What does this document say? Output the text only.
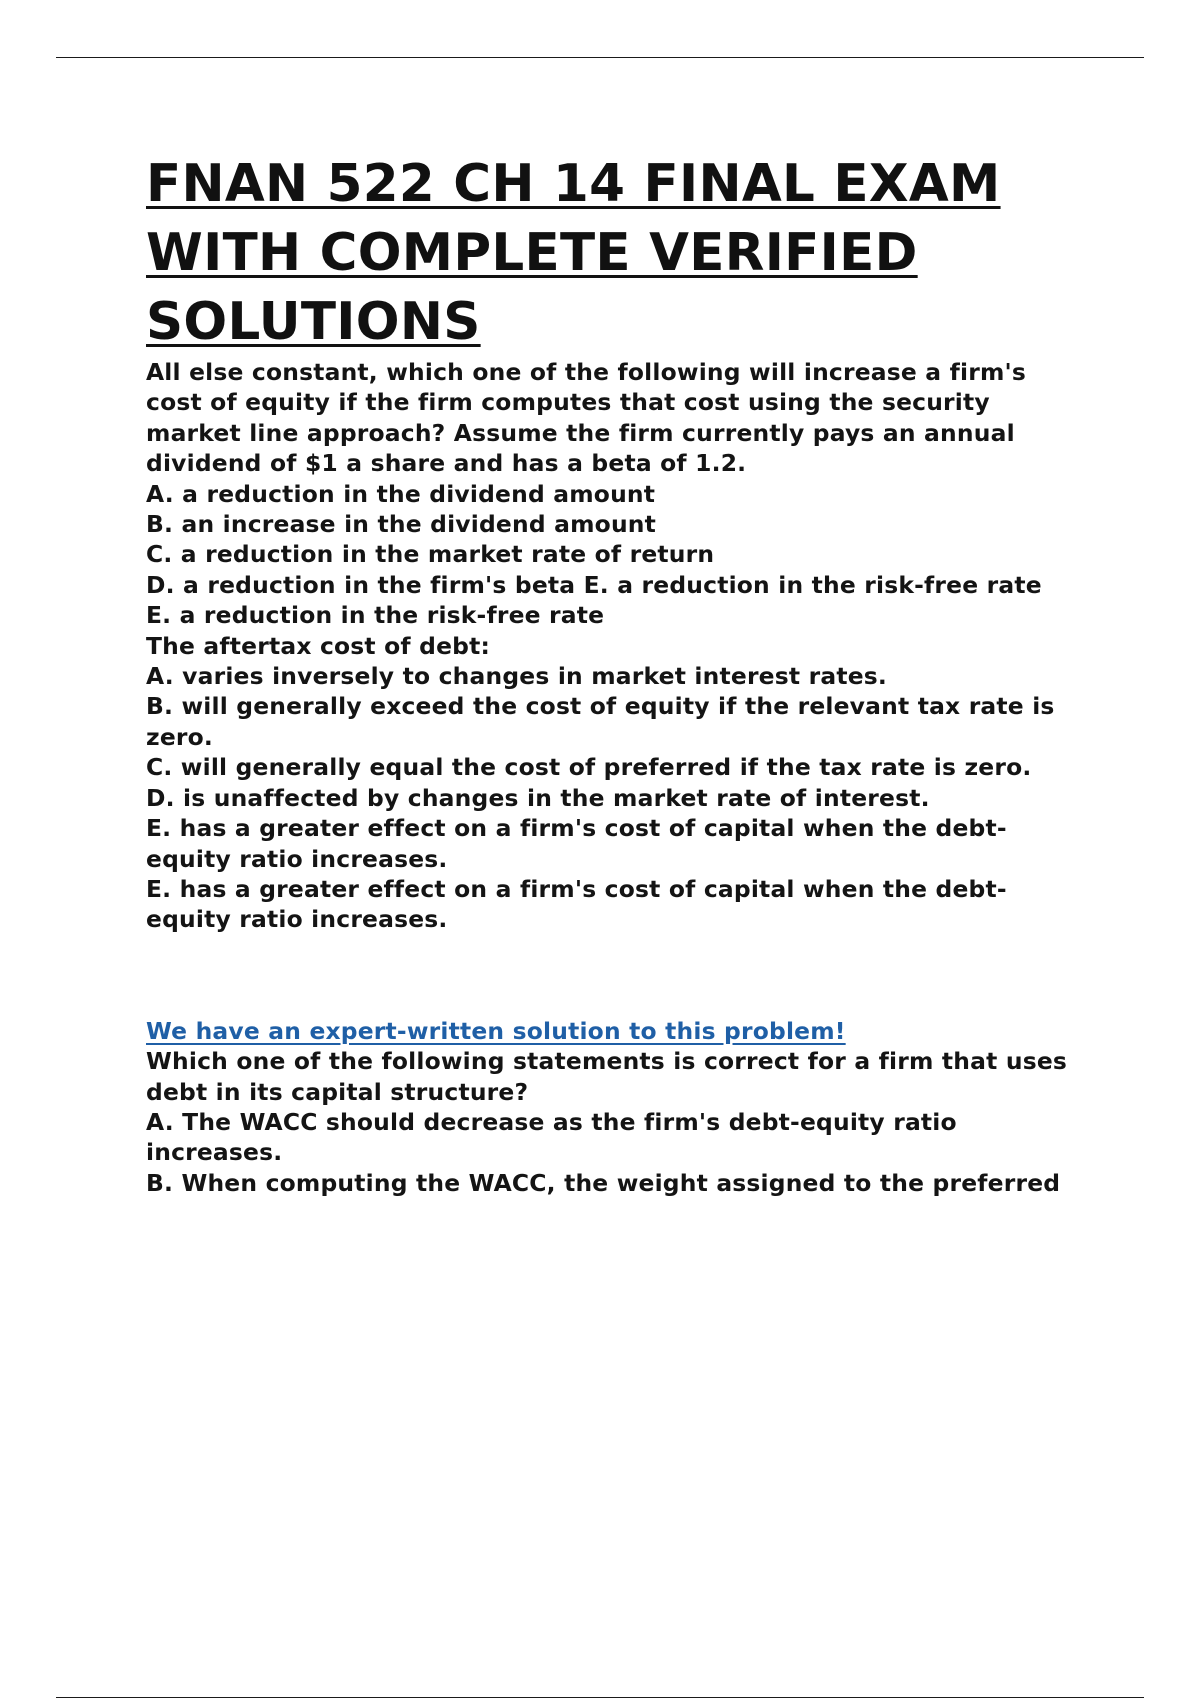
FNAN 522 CH 14 FINAL EXAM
WITH COMPLETE VERIFIED
SOLUTIONS

All else constant, which one of the following will increase a firm's
cost of equity if the firm computes that cost using the security
market line approach? Assume the firm currently pays an annual
dividend of $1 a share and has a beta of 1.2.

A. a reduction in the dividend amount
B. an increase in the dividend amount
C. a reduction in the market rate of return
D. a reduction in the firm's beta E. a reduction in the risk-free rate

E. a reduction in the risk-free rate

The aftertax cost of debt:

A. varies inversely to changes in market interest rates.
B. will generally exceed the cost of equity if the relevant tax rate is
zero.
C. will generally equal the cost of preferred if the tax rate is zero.
D. is unaffected by changes in the market rate of interest.
E. has a greater effect on a firm's cost of capital when the debt-
equity ratio increases.

E. has a greater effect on a firm's cost of capital when the debt-
equity ratio increases.

We have an expert-written solution to this problem!

Which one of the following statements is correct for a firm that uses
debt in its capital structure?

A. The WACC should decrease as the firm's debt-equity ratio
increases.
B. When computing the WACC, the weight assigned to the preferred
